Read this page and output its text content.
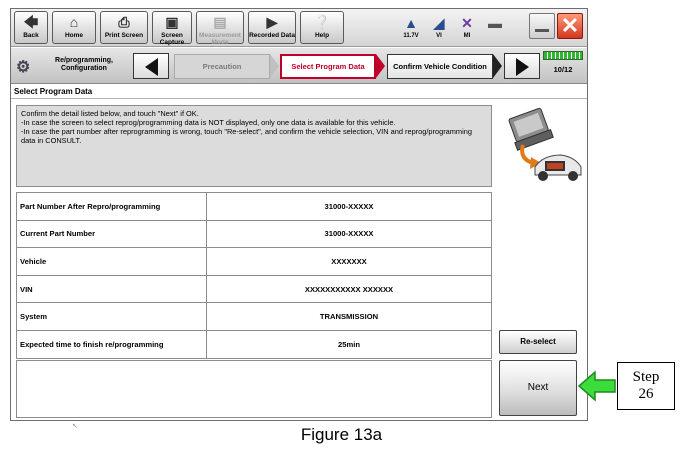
🡄
Back
⌂
Home
⎙
Print Screen
▣
Screen Capture
▤
Measurement Mode
▶
Recorded Data
❔
Help
▲
11.7V
◢
VI
✕
MI
▬	✕
⚙	Re/programming, Configuration	Precaution	Select Program Data	Confirm Vehicle Condition	10/12
Select Program Data

Confirm the detail listed below, and touch "Next" if OK.

-In case the screen to select reprog/programming data is NOT displayed, only one data is available for this vehicle.

-In case the part number after reprogramming is wrong, touch "Re-select", and confirm the vehicle selection, VIN and reprog/programming data in CONSULT.

Part Number After Repro/programming	31000-XXXXX
Current Part Number	31000-XXXXX
Vehicle	XXXXXXX
VIN	XXXXXXXXXXX XXXXXX
System	TRANSMISSION
Expected time to finish re/programming	25min	Re-select
Next
Step
26
↖	Figure 13a
